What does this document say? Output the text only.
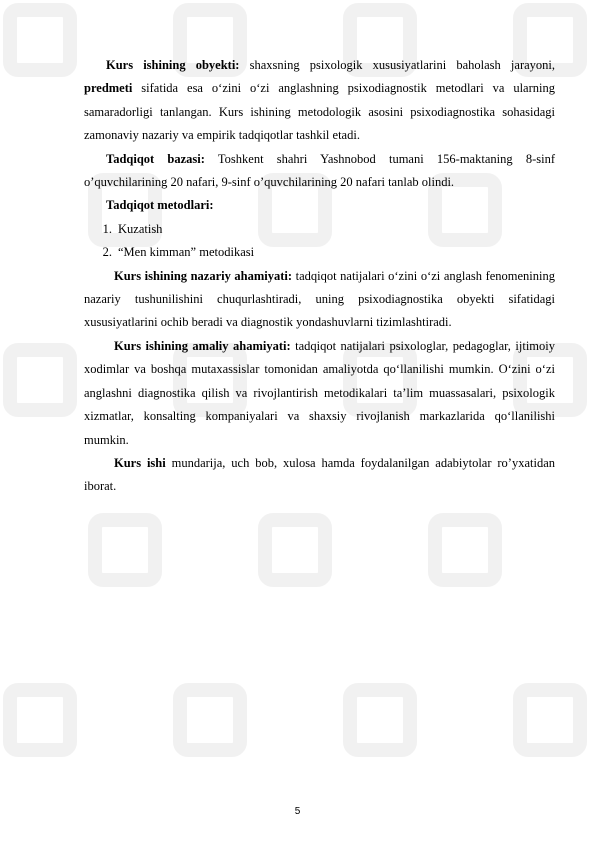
Kurs ishining obyekti: shaxsning psixologik xususiyatlarini baholash jarayoni, predmeti sifatida esa o‘zini o‘zi anglashning psixodiagnostik metodlari va ularning samaradorligi tanlangan. Kurs ishining metodologik asosini psixodiagnostika sohasidagi zamonaviy nazariy va empirik tadqiqotlar tashkil etadi.

Tadqiqot bazasi: Toshkent shahri Yashnobod tumani 156-maktaning 8-sinf o’quvchilarining 20 nafari, 9-sinf o’quvchilarining 20 nafari tanlab olindi.

Tadqiqot metodlari:

1. Kuzatish
2. “Men kimman” metodikasi

Kurs ishining nazariy ahamiyati: tadqiqot natijalari o‘zini o‘zi anglash fenomenining nazariy tushunilishini chuqurlashtiradi, uning psixodiagnostika obyekti sifatidagi xususiyatlarini ochib beradi va diagnostik yondashuvlarni tizimlashtiradi.

Kurs ishining amaliy ahamiyati: tadqiqot natijalari psixologlar, pedagoglar, ijtimoiy xodimlar va boshqa mutaxassislar tomonidan amaliyotda qo‘llanilishi mumkin. O‘zini o‘zi anglashni diagnostika qilish va rivojlantirish metodikalari ta’lim muassasalari, psixologik xizmatlar, konsalting kompaniyalari va shaxsiy rivojlanish markazlarida qo‘llanilishi mumkin.

Kurs ishi mundarija, uch bob, xulosa hamda foydalanilgan adabiytolar ro’yxatidan iborat.

5
